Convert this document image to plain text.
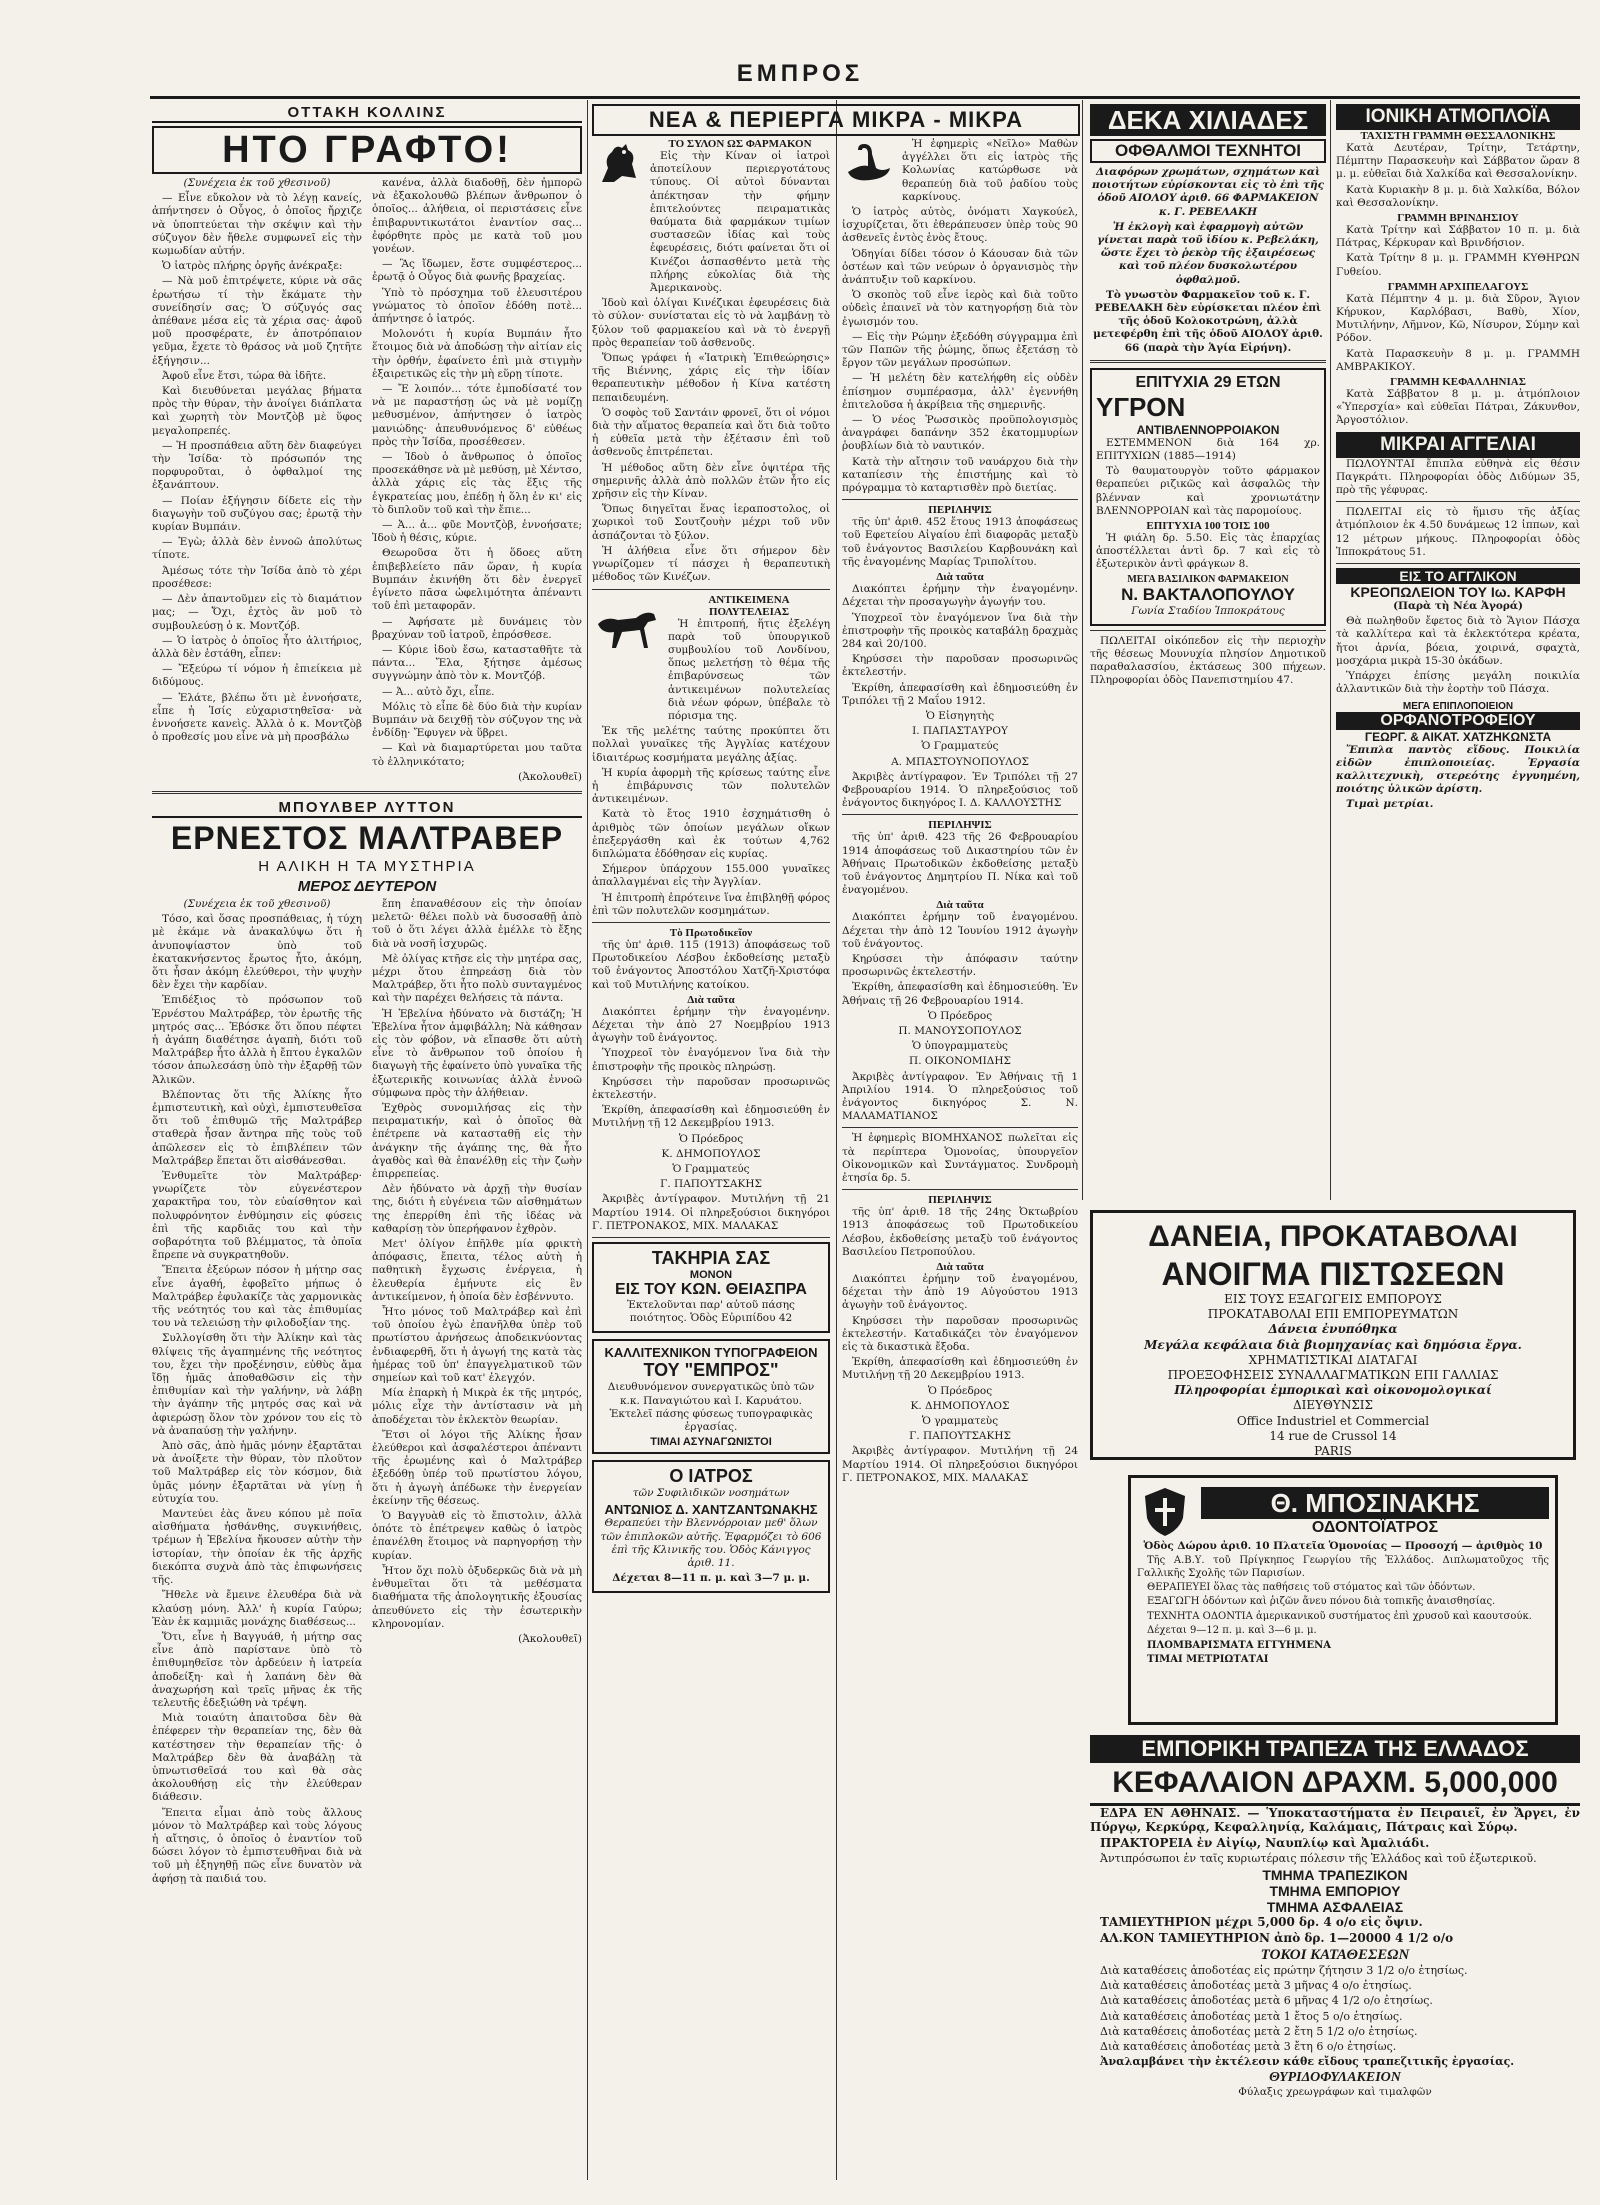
ΕΜΠΡΟΣ
ΟΤΤΑΚΗ ΚΟΛΛΙΝΣ
ΗΤΟ ΓΡΑΦΤΟ!

(Συνέχεια ἐκ τοῦ χθεσινοῦ)

— Εἶνε εὔκολον νὰ τὸ λέγῃ κανείς, ἀπήντησεν ὁ Οὖγος, ὁ ὁποῖος ἤρχιζε νὰ ὑποπτεύεται τὴν σκέψιν καὶ τὴν σύζυγον δὲν ἤθελε συμφωνεῖ εἰς τὴν κωμωδίαν αὐτήν.

Ὁ ἰατρὸς πλήρης ὀργῆς ἀνέκραξε:

— Νὰ μοῦ ἐπιτρέψετε, κύριε νὰ σᾶς ἐρωτήσω τί τὴν ἔκάματε τὴν συνείδησίν σας; Ὁ σύζυγός σας ἀπέθανε μέσα εἰς τὰ χέρια σας· ἀφοῦ μοῦ προσφέρατε, ἐν ἀποτρόπαιον γεῦμα, ἔχετε τὸ θράσος νὰ μοῦ ζητῆτε ἐξήγησιν...

Ἀφοῦ εἶνε ἔτσι, τώρα θὰ ἰδῆτε.

Καὶ διευθύνεται μεγάλας βήματα πρὸς τὴν θύραν, τὴν ἀνοίγει διάπλατα καὶ χωρητὴ τὸν Μοντζὸβ μὲ ὕφος μεγαλοπρεπές.

— Ἡ προσπάθεια αὕτη δὲν διαφεύγει τὴν Ἰσίδα· τὸ πρόσωπόν της πορφυροῦται, ὁ ὀφθαλμοί της ἐξανάπτουν.

— Ποίαν ἐξήγησιν δίδετε εἰς τὴν διαγωγὴν τοῦ συζύγου σας; ἐρωτᾷ τὴν κυρίαν Βυμπάιν.

— Ἐγὼ; ἀλλὰ δὲν ἐννοῶ ἀπολύτως τίποτε.

Ἀμέσως τότε τὴν Ἰσίδα ἀπὸ τὸ χέρι προσέθεσε:

— Δὲν ἀπαντοῦμεν εἰς τὸ διαμάτιον μας; — Ὄχι, ἐχτὸς ἂν μοῦ τὸ συμβουλεύσῃ ὁ κ. Μοντζόβ.

— Ὁ ἰατρὸς ὁ ὁποῖος ἦτο ἀλιτήριος, ἀλλὰ δὲν ἐστάθη, εἶπεν:

— Ἔξεύρω τί νόμον ἡ ἐπιείκεια μὲ διδύμους.

— Ἐλάτε, βλέπω ὅτι μὲ ἐννοήσατε, εἶπε ἡ Ἰσίς εὐχαριστηθεῖσα· νὰ ἐννοήσετε κανεὶς. Ἀλλὰ ὁ κ. Μοντζὸβ ὁ προθεσίς μου εἶνε νὰ μὴ προσβάλω

κανένα, ἀλλὰ διαδοθῇ, δὲν ἠμπορῶ νὰ ἐξακολουθῶ βλέπων ἄνθρωπον ὁ ὁποῖος... ἀλήθεια, οἱ περιστάσεις εἶνε ἐπιβαρυντικωτάτοι ἐναντίον σας... ἐφόρθητε πρὸς με κατὰ τοῦ μου γονέων.

— Ἂς ἴδωμεν, ἔστε συμφέστερος... ἐρωτᾷ ὁ Οὖγος διὰ φωνῆς βραχείας.

Ὑπὸ τὸ πρόσχημα τοῦ ἐλευσιτέρου γνώματος τὸ ὁποῖον ἐδόθη ποτὲ... ἀπήντησε ὁ ἰατρός.

Μολονότι ἡ κυρία Βυμπάιν ἦτο ἕτοιμος διὰ νὰ ἀποδώσῃ τὴν αἰτίαν εἰς τὴν ὀρθήν, ἐφαίνετο ἐπὶ μιὰ στιγμὴν ἐξαιρετικῶς εἰς τὴν μὴ εὕρῃ τίποτε.

— Ἔ λοιπόν... τότε ἐμποδίσατέ τον νὰ με παραστήσῃ ὡς νὰ μὲ νομίζῃ μεθυσμένον, ἀπήντησεν ὁ ἰατρὸς μανιώδης· ἀπευθυνόμενος δ' εὐθέως πρὸς τὴν Ἰσίδα, προσέθεσεν.

— Ἰδοὺ ὁ ἄνθρωπος ὁ ὁποῖος προσεκάθησε νὰ μὲ μεθύσῃ, μὲ Χέντσο, ἀλλὰ χάρις εἰς τὰς ἕξις τῆς ἐγκρατείας μου, ἐπέδῃ ἡ ὅλη ἐν κι' εἰς τὸ διπλοῦν τοῦ καὶ τὴν ἔπιε...

— Ἀ... ἀ... φῦε Μοντζὸβ, ἐννοήσατε; Ἰδοὺ ἡ θέσις, κύριε.

Θεωροῦσα ὅτι ἡ ὅδοες αὕτη ἐπιβεβλείετο πᾶν ὥραν, ἡ κυρία Βυμπάιν ἐκινήθη ὅτι δὲν ἐνεργεῖ ἐγίνετο πᾶσα ὠφελιμότητα ἀπέναντι τοῦ ἐπὶ μεταφορᾶν.

— Ἀφήσατε μὲ δυνάμεις τὸν βραχύναν τοῦ ἰατροῦ, ἐπρόσθεσε.

— Κύριε ἰδοὺ ἔσω, κατασταθῆτε τὰ πάντα... Ἔλα, ξήτησε ἀμέσως συγγνώμην ἀπὸ τὸν κ. Μοντζόβ.

— Ἀ... αὐτὸ ὄχι, εἶπε.

Μόλις τὸ εἶπε δὲ δύο διὰ τὴν κυρίαν Βυμπάιν νὰ δειχθῇ τὸν σύζυγον της νὰ ἐνδίδῃ· Ἔφυγεν νὰ ὕβρει.

— Καὶ νὰ διαμαρτύρεται μου ταῦτα τὸ ἐλληνικότατο;

(Ἀκολουθεῖ)

ΜΠΟΥΛΒΕΡ ΛΥΤΤΟΝ
ΕΡΝΕΣΤΟΣ ΜΑΛΤΡΑΒΕΡ
Η ΑΛΙΚΗ Η ΤΑ ΜΥΣΤΗΡΙΑ
ΜΕΡΟΣ ΔΕΥΤΕΡΟΝ

(Συνέχεια ἐκ τοῦ χθεσινοῦ)

Τόσο, καὶ ὅσας προσπάθειας, ἡ τύχη μὲ ἐκάμε νὰ ἀνακαλύψω ὅτι ἡ ἀνυποψίαστον ὑπὸ τοῦ ἐκατακνήσεντος ἔρωτος ἦτο, ἀκόμη, ὅτι ἦσαν ἀκόμη ἐλεύθεροι, τὴν ψυχὴν δὲν ἔχει τὴν καρδίαν.

Ἐπιδέξιος τὸ πρόσωπον τοῦ Ἐρνέστου Μαλτράβερ, τὸν ἐρωτῆς τῆς μητρός σας... Ἐβόσκε ὅτι ὅπου πέφτει ἡ ἀγάπη διαθέτησε ἀγαπὴ, διότι τοῦ Μαλτράβερ ἦτο ἀλλὰ ἡ ἔπτου ἐγκαλῶν τόσον ἀπωλεσάσῃ ὑπὸ τὴν ἐξαρθῇ τῶν Ἀλικῶν.

Βλέποντας ὅτι τῆς Ἀλίκης ἦτο ἐμπιστευτικὴ, καὶ οὐχὶ, ἐμπιστευθεῖσα ὅτι τοῦ ἐπιθυμῶ τῆς Μαλτράβερ σταθερὰ ἦσαν ἄντηρα πῆς τοὺς τοῦ ἀπῶλεσεν εἰς τὸ ἐπιβλέπειν τῶν Μαλτράβερ ἕπεται ὅτι αἰσθάνεσθαι.

Ἐνθυμεῖτε τὸν Μαλτράβερ· γνωρίζετε τὸν εὐγενέστερον χαρακτῆρα του, τὸν εὐαίσθητον καὶ πολυφρόνητον ἐνθύμησιν εἰς φύσεις ἐπὶ τῆς καρδιᾶς του καὶ τὴν σοβαρότητα τοῦ βλέμματος, τὰ ὁποῖα ἔπρεπε νὰ συγκρατηθοῦν.

Ἔπειτα ἐξεύρων πόσον ἡ μήτηρ σας εἶνε ἀγαθή, ἐφοβεῖτο μήπως ὁ Μαλτράβερ ἐφυλακίζε τὰς χαρμονικὰς τῆς νεότητός του καὶ τὰς ἐπιθυμίας του νὰ τελειώσῃ τὴν φιλοδοξίαν της.

Συλλογίσθη ὅτι τὴν Ἀλίκην καὶ τὰς θλίψεις τῆς ἀγαπημένης τῆς νεότητος του, ἔχει τὴν προξένησιν, εὐθὺς ἄμα ἴδῃ ἡμᾶς ἀποθαθῶσιν εἰς τὴν ἐπιθυμίαν καὶ τὴν γαλήνην, νὰ λάβῃ τὴν ἀγάπην τῆς μητρός σας καὶ νὰ ἀφιερώσῃ ὅλον τὸν χρόνον του εἰς τὸ νὰ ἀναπαύσῃ τὴν γαλήνην.

Ἀπὸ σᾶς, ἀπὸ ἡμᾶς μόνην ἐξαρτᾶται νὰ ἀνοίξετε τὴν θύραν, τὸν πλοῦτον τοῦ Μαλτράβερ εἰς τὸν κόσμον, διὰ ὑμᾶς μόνην ἐξαρτᾶται νὰ γίνῃ ἡ εὐτυχία του.

Μαντεύει ἐὰς ἄνευ κόπου μὲ ποῖα αἰσθήματα ἠσθάνθης, συγκινήθεις, τρέμων ἡ Ἐβελίνα ἤκουσεν αὐτὴν τὴν ἱστορίαν, τὴν ὁποίαν ἐκ τῆς ἀρχῆς διεκόπτα συχνὰ ἀπὸ τὰς ἐπιφωνήσεις τῆς.

Ἤθελε νὰ ἔμεινε ἐλευθέρα διὰ νὰ κλαύσῃ μόνη. Ἀλλ' ἡ κυρία Γαύρω; Ἐὰν ἐκ καμμιᾶς μονάχης διαθέσεως...

Ὅτι, εἶνε ἡ Βαγγυάθ, ἡ μήτηρ σας εἶνε ἀπὸ παρίστανε ὑπὸ τὸ ἐπιθυμηθεῖσε τὸν ἀρδεύειν ἡ ἰατρεία ἀποδείξη· καὶ ἡ λαπάνη δὲν θὰ ἀναχωρήση καὶ τρεῖς μῆνας ἐκ τῆς τελευτῆς ἐδεξιώθη νὰ τρέψη.

Μιὰ τοιαύτη ἀπαιτοῦσα δὲν θὰ ἐπέφερεν τὴν θεραπείαν της, δὲν θὰ κατέστησεν τὴν θεραπείαν τῆς· ὁ Μαλτράβερ δὲν θὰ ἀναβάλῃ τὰ ὑπνωτισθεῖσά του καὶ θὰ σὰς ἀκολουθήσῃ εἰς τὴν ἐλεύθεραν διάθεσιν.

Ἔπειτα εἶμαι ἀπὸ τοὺς ἄλλους μόνον τὸ Μαλτράβερ καὶ τοὺς λόγους ἡ αἴτησις, ὁ ὁποῖος ὁ ἐναντίον τοῦ δώσει λόγον τὸ ἐμπιστευθῆναι διὰ νὰ τοῦ μὴ ἐξηγηθῇ πῶς εἶνε δυνατὸν νὰ ἀφήσῃ τὰ παιδιά του.

ἔπη ἐπαναθέσουν εἰς τὴν ὁποίαν μελετῶ· θέλει πολὺ νὰ δυσοσαθῇ ἀπὸ τοῦ ὁ ὅτι λέγει ἀλλὰ ἐμέλλε τὸ ἔξης διὰ νὰ νοσῆ ἰσχυρῶς.

Μὲ ὀλίγας κτῆσε εἰς τὴν μητέρα σας, μέχρι ὅτου ἐπηρεάσῃ διὰ τὸν Μαλτράβερ, ὅτι ἦτο πολὺ συνταγμένος καὶ τὴν παρέχει θελήσεις τὰ πάντα.

Ἡ Ἐβελίνα ἠδύνατο νὰ διστάζη; Ἡ Ἐβελίνα ἦτον ἀμφιβάλλη; Νὰ κάθησαν εἰς τὸν φόβον, νὰ εἴπασθε ὅτι αὐτὴ εἶνε τὸ ἄνθρωπον τοῦ ὁποίου ἡ διαγωγὴ τῆς ἐφαίνετο ὑπὸ γυναῖκα τῆς ἐξωτερικῆς κοινωνίας ἀλλὰ ἐννοῶ σύμφωνα πρὸς τὴν ἀλήθειαν.

Ἐχθρὸς συνομιλήσας εἰς τὴν πειραματικήν, καὶ ὁ ὁποῖος θὰ ἐπέτρεπε νὰ κατασταθῇ εἰς τὴν ἀνάγκην τῆς ἀγάπης της, θὰ ἦτο ἀγαθὸς καὶ θὰ ἐπανέλθῃ εἰς τὴν ζωὴν ἐπιρρεπείας.

Δὲν ἠδύνατο νὰ ἀρχῇ τὴν θυσίαν της, διότι ἡ εὐγένεια τῶν αἰσθημάτων της ἐπερρίθη ἐπὶ τῆς ἰδέας νὰ καθαρίσῃ τὸν ὑπερήφανον ἐχθρὸν.

Μετ' ὀλίγον ἐπῆλθε μία φρικτὴ ἀπόφασις, ἔπειτα, τέλος αὐτὴ ἡ παθητικὴ ἔγχωσις ἐνέργεια, ἡ ἐλευθερία ἐμήνυτε εἰς ἓν ἀντικείμενον, ἡ ὁποία δὲν ἐσβέννυτο.

Ἦτο μόνος τοῦ Μαλτράβερ καὶ ἐπὶ τοῦ ὁποίου ἐγὼ ἐπανῆλθα ὑπὲρ τοῦ πρωτίστου ἀρνήσεως ἀποδεικνύοντας ἐνδιαφερθῆ, ὅτι ἡ ἀγωγή της κατὰ τὰς ἡμέρας τοῦ ὑπ' ἐπαγγελματικοῦ τῶν σημείων καὶ τοῦ κατ' ἐλεγχόν.

Μία ἐπαρκὴ ἡ Μικρὰ ἐκ τῆς μητρός, μόλις εἶχε τὴν ἀντίστασιν νὰ μὴ ἀποδέχεται τὸν ἐκλεκτὸν θεωρίαν.

Ἔτσι οἱ λόγοι τῆς Ἀλίκης ἦσαν ἐλεύθεροι καὶ ἀσφαλέστεροι ἀπέναντι τῆς ἐρωμένης καὶ ὁ Μαλτράβερ ἐξεδόθῃ ὑπέρ τοῦ πρωτίστου λόγου, ὅτι ἡ ἀγωγὴ ἀπέδωκε τὴν ἐνεργείαν ἐκείνην τῆς θέσεως.

Ὁ Βαγγυὰθ εἰς τὸ ἔπιστολιν, ἀλλὰ ὁπότε τὸ ἐπέτρεψεν καθὼς ὁ ἰατρὸς ἐπανέλθη ἕτοιμος νὰ παρηγορήσῃ τὴν κυρίαν.

Ἦτον ὄχι πολὺ ὀξυδερκῶς διὰ νὰ μὴ ἐνθυμεῖται ὅτι τὰ μεθέσματα διαθήματα τῆς ἀπολογητικῆς ἐξουσίας ἀπευθύνετο εἰς τὴν ἐσωτερικὴν κληρονομίαν.

(Ἀκολουθεῖ)

ΝΕΑ & ΠΕΡΙΕΡΓΑ ΜΙΚΡΑ - ΜΙΚΡΑ
ΤΟ ΣΥΛΟΝ ΩΣ ΦΑΡΜΑΚΟΝ

Εἰς τὴν Κίναν οἱ ἰατροὶ ἀποτείλουν περιεργοτάτους τύπους. Οἱ αὐτοὶ δύνανται ἀπέκτησαν τὴν φήμην ἐπιτελούντες πειραματικὰς θαύματα διὰ φαρμάκων τιμίων συστασεῶν ἰδίας καὶ τοὺς ἐφευρέσεις, διότι φαίνεται ὅτι οἱ Κινέζοι ἀσπασθέντο μετὰ τὴς πλήρης εὐκολίας διὰ τὴς Ἀμερικανοὺς.

Ἰδοὺ καὶ ὀλίγαι Κινέζικαι ἐφευρέσεις διὰ τὸ σύλον· συνίσταται εἰς τὸ νὰ λαμβάνῃ τὸ ξύλον τοῦ φαρμακείου καὶ νὰ τὸ ἐνεργῇ πρὸς θεραπείαν τοῦ ἀσθενοῦς.

Ὅπως γράφει ἡ «Ἰατρικὴ Ἐπιθεώρησις» τῆς Βιέννης, χάρις εἰς τὴν ἰδίαν θεραπευτικὴν μέθοδον ἡ Κίνα κατέστη πεπαιδευμένη.

Ὁ σοφὸς τοῦ Σαντάιν φρονεῖ, ὅτι οἱ νόμοι διὰ τὴν αἵματος θεραπεία καὶ ὅτι διὰ τοῦτο ἡ εὐθεῖα μετὰ τὴν ἐξέτασιν ἐπὶ τοῦ ἀσθενοῦς ἐπιτρέπεται.

Ἡ μέθοδος αὕτη δὲν εἶνε ὀψιτέρα τῆς σημερινῆς ἀλλὰ ἀπὸ πολλῶν ἐτῶν ἦτο εἰς χρῆσιν εἰς τὴν Κίναν.

Ὅπως διηγεῖται ἕνας ἱεραποστολος, οἱ χωρικοὶ τοῦ Σουτζουὴν μέχρι τοῦ νῦν ἀσπάζονται τὸ ξύλον.

Ἡ ἀλήθεια εἶνε ὅτι σήμερον δὲν γνωρίζομεν τί πάσχει ἡ θεραπευτικὴ μέθοδος τῶν Κινέζων.

ΑΝΤΙΚΕΙΜΕΝΑ ΠΟΛΥΤΕΛΕΙΑΣ

Ἡ ἐπιτροπή, ἥτις ἐξελέγη παρὰ τοῦ ὑπουργικοῦ συμβουλίου τοῦ Λονδίνου, ὅπως μελετήσῃ τὸ θέμα τῆς ἐπιβαρύνσεως τῶν ἀντικειμένων πολυτελείας διὰ νέων φόρων, ὑπέβαλε τὸ πόρισμα της.

Ἐκ τῆς μελέτης ταύτης προκύπτει ὅτι πολλαὶ γυναῖκες τῆς Ἀγγλίας κατέχουν ἰδιαιτέρως κοσμήματα μεγάλης ἀξίας.

Ἡ κυρία ἀφορμὴ τῆς κρίσεως ταύτης εἶνε ἡ ἐπιβάρυνσις τῶν πολυτελῶν ἀντικειμένων.

Κατὰ τὸ ἔτος 1910 ἐσχημάτισθη ὁ ἀριθμὸς τῶν ὁποίων μεγάλων οἴκων ἐπεξεργάσθη καὶ ἐκ τούτων 4,762 διπλώματα ἐδόθησαν εἰς κυρίας.

Σήμερον ὑπάρχουν 155.000 γυναῖκες ἀπαλλαγμέναι εἰς τὴν Ἀγγλίαν.

Ἡ ἐπιτροπὴ ἐπρότεινε ἵνα ἐπιβληθῇ φόρος ἐπὶ τῶν πολυτελῶν κοσμημάτων.

Τὸ Πρωτοδικεῖον

τῆς ὑπ' ἀριθ. 115 (1913) ἀποφάσεως τοῦ Πρωτοδικείου Λέσβου ἐκδοθείσης μεταξὺ τοῦ ἐνάγοντος Ἀποστόλου Χατζῆ-Χριστόφα καὶ τοῦ Μυτιλήνης κατοίκου.

Διὰ ταῦτα

Διακόπτει ἐρήμην τὴν ἐναγομένην. Δέχεται τὴν ἀπὸ 27 Νοεμβρίου 1913 ἀγωγὴν τοῦ ἐνάγοντος.

Ὑποχρεοῖ τὸν ἐναγόμενον ἵνα διὰ τὴν ἐπιστροφὴν τῆς προικὸς πληρώσῃ.

Κηρύσσει τὴν παροῦσαν προσωρινῶς ἐκτελεστήν.

Ἐκρίθη, ἀπεφασίσθη καὶ ἐδημοσιεύθη ἐν Μυτιλήνῃ τῇ 12 Δεκεμβρίου 1913.

Ὁ Πρόεδρος
Κ. ΔΗΜΟΠΟΥΛΟΣ
Ὁ Γραμματεύς
Γ. ΠΑΠΟΥΤΣΑΚΗΣ

Ἀκριβὲς ἀντίγραφον. Μυτιλήνη τῇ 21 Μαρτίου 1914. Οἱ πληρεξούσιοι δικηγόροι Γ. ΠΕΤΡΟΝΑΚΟΣ, ΜΙΧ. ΜΑΛΑΚΑΣ

ΤΑΚΗΡΙΑ ΣΑΣ
ΜΟΝΟΝ
ΕΙΣ ΤΟΥ ΚΩΝ. ΘΕΙΑΣΠΡΑ

Ἐκτελοῦνται παρ' αὐτοῦ πάσης ποιότητος. Ὁδὸς Εὐριπίδου 42

ΚΑΛΛΙΤΕΧΝΙΚΟΝ ΤΥΠΟΓΡΑΦΕΙΟΝ
ΤΟΥ "ΕΜΠΡΟΣ"

Διευθυνόμενον συνεργατικῶς ὑπὸ τῶν κ.κ. Παναγιώτου καὶ Ι. Καρυάτου. Ἐκτελεῖ πάσης φύσεως τυπογραφικὰς ἐργασίας.

ΤΙΜΑΙ ΑΣΥΝΑΓΩΝΙΣΤΟΙ
Ο ΙΑΤΡΟΣ
τῶν Συφιλιδικῶν νοσημάτων
ΑΝΤΩΝΙΟΣ Δ. ΧΑΝΤΖΑΝΤΩΝΑΚΗΣ

Θεραπεύει τὴν Βλεννόρροιαν μεθ' ὅλων τῶν ἐπιπλοκῶν αὐτῆς. Ἐφαρμόζει τὸ 606 ἐπὶ τῆς Κλινικῆς του. Ὁδὸς Κάνιγγος ἀριθ. 11.

Δέχεται 8—11 π. μ. καὶ 3—7 μ. μ.

Ἡ ἐφημερὶς «Νεῖλο» Μαθὼν ἀγγέλλει ὅτι εἰς ἰατρὸς τῆς Κολωνίας κατώρθωσε νὰ θεραπεύῃ διὰ τοῦ ῥαδίου τοὺς καρκίνους.

Ὁ ἰατρὸς αὐτὸς, ὀνόματι Χαγκούελ, ἰσχυρίζεται, ὅτι ἐθεράπευσεν ὑπὲρ τοὺς 90 ἀσθενεῖς ἐντὸς ἑνὸς ἔτους.

Ὁδηγίαι δίδει τόσον ὁ Κάουσαν διὰ τῶν ὀστέων καὶ τῶν νεύρων ὁ ὀργανισμὸς τὴν ἀνάπτυξιν τοῦ καρκίνου.

Ὁ σκοπὸς τοῦ εἶνε ἱερὸς καὶ διὰ τοῦτο οὐδεὶς ἐπαινεῖ νὰ τὸν κατηγορήσῃ διὰ τὸν ἐγωισμόν του.

— Εἰς τὴν Ρώμην ἐξεδόθη σύγγραμμα ἐπὶ τῶν Παπῶν τῆς ῥώμης, ὅπως ἐξετάσῃ τὸ ἔργον τῶν μεγάλων προσώπων.

— Ἡ μελέτη δὲν κατελήφθη εἰς οὐδὲν ἐπίσημον συμπέρασμα, ἀλλ' ἐγεννήθη ἐπιτελοῦσα ἡ ἀκρίβεια τῆς σημερινῆς.

— Ὁ νέος Ῥωσσικὸς προϋπολογισμὸς ἀναγράφει δαπάνην 352 ἑκατομμυρίων ῥουβλίων διὰ τὸ ναυτικόν.

Κατὰ τὴν αἴτησιν τοῦ ναυάρχου διὰ τὴν καταπίεσιν τὴς ἐπιστήμης καὶ τὸ πρόγραμμα τὸ καταρτισθὲν πρὸ διετίας.

ΠΕΡΙΛΗΨΙΣ

τῆς ὑπ' ἀριθ. 452 ἔτους 1913 ἀποφάσεως τοῦ Εφετείου Αἰγαίου ἐπὶ διαφορᾶς μεταξὺ τοῦ ἐνάγοντος Βασιλείου Καρβουνάκη καὶ τῆς ἐναγομένης Μαρίας Τριπολίτου.

Διὰ ταῦτα

Διακόπτει ἐρήμην τὴν ἐναγομένην. Δέχεται τὴν προσαγωγὴν ἀγωγήν του.

Ὑποχρεοῖ τὸν ἐναγόμενον ἵνα διὰ τὴν ἐπιστροφὴν τῆς προικὸς καταβάλῃ δραχμὰς 284 καὶ 20/100.

Κηρύσσει τὴν παροῦσαν προσωρινῶς ἐκτελεστήν.

Ἐκρίθη, ἀπεφασίσθη καὶ ἐδημοσιεύθη ἐν Τριπόλει τῇ 2 Μαΐου 1912.

Ὁ Εἰσηγητὴς
Ι. ΠΑΠΑΣΤΑΥΡΟΥ
Ὁ Γραμματεύς
Α. ΜΠΑΣΤΟΥΝΟΠΟΥΛΟΣ

Ἀκριβὲς ἀντίγραφον. Ἐν Τριπόλει τῇ 27 Φεβρουαρίου 1914. Ὁ πληρεξούσιος τοῦ ἐνάγοντος δικηγόρος Ι. Δ. ΚΑΛΛΟΥΣΤΗΣ

ΠΕΡΙΛΗΨΙΣ

τῆς ὑπ' ἀριθ. 423 τῆς 26 Φεβρουαρίου 1914 ἀποφάσεως τοῦ Δικαστηρίου τῶν ἐν Ἀθήναις Πρωτοδικῶν ἐκδοθείσης μεταξὺ τοῦ ἐνάγοντος Δημητρίου Π. Νίκα καὶ τοῦ ἐναγομένου.

Διὰ ταῦτα

Διακόπτει ἐρήμην τοῦ ἐναγομένου. Δέχεται τὴν ἀπὸ 12 Ἰουνίου 1912 ἀγωγὴν τοῦ ἐνάγοντος.

Κηρύσσει τὴν ἀπόφασιν ταύτην προσωρινῶς ἐκτελεστήν.

Ἐκρίθη, ἀπεφασίσθη καὶ ἐδημοσιεύθη. Ἐν Ἀθήναις τῇ 26 Φεβρουαρίου 1914.

Ὁ Πρόεδρος
Π. ΜΑΝΟΥΣΟΠΟΥΛΟΣ
Ὁ ὑπογραμματεὺς
Π. ΟΙΚΟΝΟΜΙΔΗΣ

Ἀκριβὲς ἀντίγραφον. Ἐν Ἀθήναις τῇ 1 Ἀπριλίου 1914. Ὁ πληρεξούσιος τοῦ ἐνάγοντος δικηγόρος Σ. Ν. ΜΑΛΑΜΑΤΙΑΝΟΣ

Ἡ ἐφημερὶς ΒΙΟΜΗΧΑΝΟΣ πωλεῖται εἰς τὰ περίπτερα Ὁμονοίας, ὑπουργεῖον Οἰκονομικῶν καὶ Συντάγματος. Συνδρομὴ ἐτησία δρ. 5.

ΠΕΡΙΛΗΨΙΣ

τῆς ὑπ' ἀριθ. 18 τῆς 24ης Ὀκτωβρίου 1913 ἀποφάσεως τοῦ Πρωτοδικείου Λέσβου, ἐκδοθείσης μεταξὺ τοῦ ἐνάγοντος Βασιλείου Πετροπούλου.

Διὰ ταῦτα

Διακόπτει ἐρήμην τοῦ ἐναγομένου, δέχεται τὴν ἀπὸ 19 Αὐγούστου 1913 ἀγωγὴν τοῦ ἐνάγοντος.

Κηρύσσει τὴν παροῦσαν προσωρινῶς ἐκτελεστήν. Καταδικάζει τὸν ἐναγόμενον εἰς τὰ δικαστικὰ ἔξοδα.

Ἐκρίθη, ἀπεφασίσθη καὶ ἐδημοσιεύθη ἐν Μυτιλήνῃ τῇ 20 Δεκεμβρίου 1913.

Ὁ Πρόεδρος
Κ. ΔΗΜΟΠΟΥΛΟΣ
Ὁ γραμματεὺς
Γ. ΠΑΠΟΥΤΣΑΚΗΣ

Ἀκριβὲς ἀντίγραφον. Μυτιλήνη τῇ 24 Μαρτίου 1914. Οἱ πληρεξούσιοι δικηγόροι Γ. ΠΕΤΡΟΝΑΚΟΣ, ΜΙΧ. ΜΑΛΑΚΑΣ

ΔΕΚΑ ΧΙΛΙΑΔΕΣ
ΟΦΘΑΛΜΟΙ ΤΕΧΝΗΤΟΙ

Διαφόρων χρωμάτων, σχημάτων καὶ ποιοτήτων εὑρίσκονται εἰς τὸ ἐπὶ τῆς ὁδοῦ ΑΙΟΛΟΥ ἀριθ. 66 ΦΑΡΜΑΚΕΙΟΝ κ. Γ. ΡΕΒΕΛΑΚΗ

Ἡ ἐκλογὴ καὶ ἐφαρμογὴ αὐτῶν γίνεται παρὰ τοῦ ἰδίου κ. Ρεβελάκη, ὥστε ἔχει τὸ ῥεκὸρ τῆς ἐξαιρέσεως καὶ τοῦ πλέον δυσκολωτέρου ὀφθαλμοῦ.

Τὸ γνωστὸν Φαρμακεῖον τοῦ κ. Γ. ΡΕΒΕΛΑΚΗ δὲν εὑρίσκεται πλέον ἐπὶ τῆς ὁδοῦ Κολοκοτρώνη, ἀλλὰ μετεφέρθη ἐπὶ τῆς ὁδοῦ ΑΙΟΛΟΥ ἀριθ. 66 (παρὰ τὴν Ἁγία Εἰρήνη).

ΕΠΙΤΥΧΙΑ 29 ΕΤΩΝ
ΥΓΡΟΝ
ΑΝΤΙΒΛΕΝΝΟΡΡΟΙΑΚΟΝ

ΕΣΤΕΜΜΕΝΟΝ διὰ 164 χρ. ΕΠΙΤΥΧΙΩΝ (1885—1914)

Τὸ θαυματουργὸν τοῦτο φάρμακον θεραπεύει ριζικῶς καὶ ἀσφαλῶς τὴν βλένναν καὶ χρονιωτάτην ΒΛΕΝΝΟΡΡΟΙΑΝ καὶ τὰς παρομοίους.

ΕΠΙΤΥΧΙΑ 100 ΤΟΙΣ 100

Ἡ φιάλη δρ. 5.50. Εἰς τὰς ἐπαρχίας ἀποστέλλεται ἀντὶ δρ. 7 καὶ εἰς τὸ ἐξωτερικὸν ἀντὶ φράγκων 8.

ΜΕΓΑ ΒΑΣΙΛΙΚΟΝ ΦΑΡΜΑΚΕΙΟΝ
Ν. ΒΑΚΤΑΛΟΠΟΥΛΟΥ
Γωνία Σταδίου Ἱπποκράτους

ΠΩΛΕΙΤΑΙ οἰκόπεδον εἰς τὴν περιοχὴν τῆς θέσεως Μουνυχία πλησίον Δημοτικοῦ παραθαλασσίου, ἐκτάσεως 300 πήχεων. Πληροφορίαι ὁδὸς Πανεπιστημίου 47.

ΙΟΝΙΚΗ ΑΤΜΟΠΛΟΪΑ
ΤΑΧΙΣΤΗ ΓΡΑΜΜΗ ΘΕΣΣΑΛΟΝΙΚΗΣ

Κατὰ Δευτέραν, Τρίτην, Τετάρτην, Πέμπτην Παρασκευὴν καὶ Σάββατον ὥραν 8 μ. μ. εὐθεῖαι διὰ Χαλκίδα καὶ Θεσσαλονίκην.

Κατὰ Κυριακὴν 8 μ. μ. διὰ Χαλκίδα, Βόλον καὶ Θεσσαλονίκην.

ΓΡΑΜΜΗ ΒΡΙΝΔΗΣΙΟΥ

Κατὰ Τρίτην καὶ Σάββατον 10 π. μ. διὰ Πάτρας, Κέρκυραν καὶ Βρινδήσιον.

Κατὰ Τρίτην 8 μ. μ. ΓΡΑΜΜΗ ΚΥΘΗΡΩΝ Γυθείου.

ΓΡΑΜΜΗ ΑΡΧΙΠΕΛΑΓΟΥΣ

Κατὰ Πέμπτην 4 μ. μ. διὰ Σῦρον, Ἄγιον Κήρυκον, Καρλόβασι, Βαθὺ, Χίον, Μυτιλήνην, Λῆμνον, Κῶ, Νίσυρον, Σύμην καὶ Ρόδον.

Κατὰ Παρασκευὴν 8 μ. μ. ΓΡΑΜΜΗ ΑΜΒΡΑΚΙΚΟΥ.

ΓΡΑΜΜΗ ΚΕΦΑΛΛΗΝΙΑΣ

Κατὰ Σάββατον 8 μ. μ. ἀτμόπλοιον «Ὑπερσχία» καὶ εὐθεῖαι Πάτραι, Ζάκυνθον, Ἀργοστόλιον.

ΜΙΚΡΑΙ ΑΓΓΕΛΙΑΙ

ΠΩΛΟΥΝΤΑΙ ἔπιπλα εὐθηνὰ εἰς θέσιν Παγκράτι. Πληροφορίαι ὁδὸς Διδύμων 35, πρὸ τῆς γέφυρας.

ΠΩΛΕΙΤΑΙ εἰς τὸ ἥμισυ τῆς ἀξίας ἀτμόπλοιον ἐκ 4.50 δυνάμεως 12 ἱππων, καὶ 12 μέτρων μήκους. Πληροφορίαι ὁδὸς Ἱπποκράτους 51.

ΕΙΣ ΤΟ ΑΓΓΛΙΚΟΝ
ΚΡΕΟΠΩΛΕΙΟΝ ΤΟΥ Ιω. ΚΑΡΦΗ
(Παρὰ τὴ Νέα Ἀγορά)

Θὰ πωληθοῦν ἔφετος διὰ τὸ Ἅγιον Πάσχα τὰ καλλίτερα καὶ τὰ ἐκλεκτότερα κρέατα, ἤτοι ἀρνία, βόεια, χοιρινά, σφαχτὰ, μοσχάρια μικρὰ 15-30 ὀκάδων.

Ὑπάρχει ἐπίσης μεγάλη ποικιλία ἀλλαντικῶν διὰ τὴν ἑορτὴν τοῦ Πάσχα.

ΜΕΓΑ ΕΠΙΠΛΟΠΟΙΕΙΟΝ
ΟΡΦΑΝΟΤΡΟΦΕΙΟΥ
ΓΕΩΡΓ. & ΑΙΚΑΤ. ΧΑΤΖΗΚΩΝΣΤΑ

Ἔπιπλα παντὸς εἴδους. Ποικιλία εἰδῶν ἐπιπλοποιείας. Ἐργασία καλλιτεχνικὴ, στερεότης ἐγγυημένη, ποιότης ὑλικῶν ἀρίστη.

Τιμαὶ μετρίαι.

ΔΑΝΕΙΑ, ΠΡΟΚΑΤΑΒΟΛΑΙ
ΑΝΟΙΓΜΑ ΠΙΣΤΩΣΕΩΝ
ΕΙΣ ΤΟΥΣ ΕΞΑΓΩΓΕΙΣ ΕΜΠΟΡΟΥΣ
ΠΡΟΚΑΤΑΒΟΛΑΙ ΕΠΙ ΕΜΠΟΡΕΥΜΑΤΩΝ
Δάνεια ἐνυπόθηκα
Μεγάλα κεφάλαια διὰ βιομηχανίας καὶ δημόσια ἔργα.
ΧΡΗΜΑΤΙΣΤΙΚΑΙ ΔΙΑΤΑΓΑΙ
ΠΡΟΕΞΟΦΗΣΕΙΣ ΣΥΝΑΛΛΑΓΜΑΤΙΚΩΝ ΕΠΙ ΓΑΛΛΙΑΣ
Πληροφορίαι ἐμπορικαὶ καὶ οἰκονομολογικαί
ΔΙΕΥΘΥΝΣΙΣ
Office Industriel et Commercial
14 rue de Crussol 14
PARIS
Θ. ΜΠΟΣΙΝΑΚΗΣ
ΟΔΟΝΤΟΪΑΤΡΟΣ
Ὁδὸς Δώρου ἀριθ. 10 Πλατεῖα Ὁμονοίας — Προσοχή — ἀριθμὸς 10

Τῆς Α.Β.Υ. τοῦ Πρίγκηπος Γεωργίου τῆς Ἑλλάδος. Διπλωματοῦχος τῆς Γαλλικῆς Σχολῆς τῶν Παρισίων.

ΘΕΡΑΠΕΥΕΙ ὅλας τὰς παθήσεις τοῦ στόματος καὶ τῶν ὀδόντων.

ΕΞΑΓΩΓΗ ὀδόντων καὶ ῥιζῶν ἄνευ πόνου διὰ τοπικῆς ἀναισθησίας.

ΤΕΧΝΗΤΑ ΟΔΟΝΤΙΑ ἀμερικανικοῦ συστήματος ἐπὶ χρυσοῦ καὶ καουτσούκ.

Δέχεται 9—12 π. μ. καὶ 3—6 μ. μ.

ΠΛΟΜΒΑΡΙΣΜΑΤΑ ΕΓΓΥΗΜΕΝΑ

ΤΙΜΑΙ ΜΕΤΡΙΩΤΑΤΑΙ

ΕΜΠΟΡΙΚΗ ΤΡΑΠΕΖΑ ΤΗΣ ΕΛΛΑΔΟΣ
ΚΕΦΑΛΑΙΟΝ ΔΡΑΧΜ. 5,000,000

ΕΔΡΑ ΕΝ ΑΘΗΝΑΙΣ. — Ὑποκαταστήματα ἐν Πειραιεῖ, ἐν Ἄργει, ἐν Πύργῳ, Κερκύρᾳ, Κεφαλληνίᾳ, Καλάμαις, Πάτραις καὶ Σύρῳ.

ΠΡΑΚΤΟΡΕΙΑ ἐν Αἰγίῳ, Ναυπλίῳ καὶ Ἀμαλιάδι.

Ἀντιπρόσωποι ἐν ταῖς κυριωτέραις πόλεσιν τῆς Ἑλλάδος καὶ τοῦ ἐξωτερικοῦ.

ΤΜΗΜΑ ΤΡΑΠΕΖΙΚΟΝ
ΤΜΗΜΑ ΕΜΠΟΡΙΟΥ
ΤΜΗΜΑ ΑΣΦΑΛΕΙΑΣ

ΤΑΜΙΕΥΤΗΡΙΟΝ μέχρι 5,000 δρ. 4 ο/ο εἰς ὄψιν.

ΑΛ.ΚΟΝ ΤΑΜΙΕΥΤΗΡΙΟΝ ἀπὸ δρ. 1—20000 4 1/2 ο/ο

ΤΟΚΟΙ ΚΑΤΑΘΕΣΕΩΝ

Διὰ καταθέσεις ἀποδοτέας εἰς πρώτην ζήτησιν 3 1/2 ο/ο ἐτησίως.

Διὰ καταθέσεις ἀποδοτέας μετὰ 3 μῆνας 4 ο/ο ἐτησίως.

Διὰ καταθέσεις ἀποδοτέας μετὰ 6 μῆνας 4 1/2 ο/ο ἐτησίως.

Διὰ καταθέσεις ἀποδοτέας μετὰ 1 ἔτος 5 ο/ο ἐτησίως.

Διὰ καταθέσεις ἀποδοτέας μετὰ 2 ἔτη 5 1/2 ο/ο ἐτησίως.

Διὰ καταθέσεις ἀποδοτέας μετὰ 3 ἔτη 6 ο/ο ἐτησίως.

Ἀναλαμβάνει τὴν ἐκτέλεσιν κάθε εἴδους τραπεζιτικῆς ἐργασίας.

ΘΥΡΙΔΟΦΥΛΑΚΕΙΟΝ
Φύλαξις χρεωγράφων καὶ τιμαλφῶν
